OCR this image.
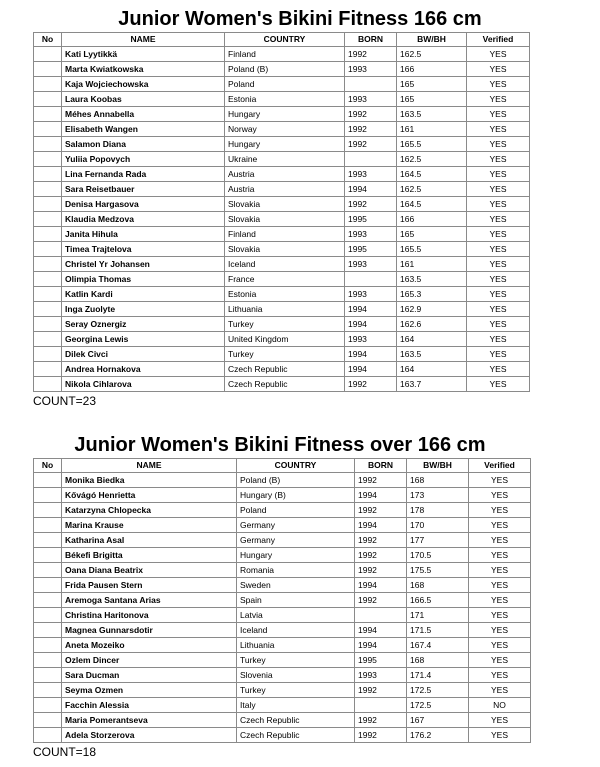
Junior Women's Bikini Fitness 166 cm
No	NAME	COUNTRY	BORN	BW/BH	Verified
	Kati Lyytikkä	Finland	1992	162.5	YES
	Marta Kwiatkowska	Poland (B)	1993	166	YES
	Kaja Wojciechowska	Poland		165	YES
	Laura Koobas	Estonia	1993	165	YES
	Méhes Annabella	Hungary	1992	163.5	YES
	Elisabeth Wangen	Norway	1992	161	YES
	Salamon Diana	Hungary	1992	165.5	YES
	Yuliia Popovych	Ukraine		162.5	YES
	Lina Fernanda Rada	Austria	1993	164.5	YES
	Sara Reisetbauer	Austria	1994	162.5	YES
	Denisa Hargasova	Slovakia	1992	164.5	YES
	Klaudia Medzova	Slovakia	1995	166	YES
	Janita Hihula	Finland	1993	165	YES
	Timea Trajtelova	Slovakia	1995	165.5	YES
	Christel Yr Johansen	Iceland	1993	161	YES
	Olimpia Thomas	France		163.5	YES
	Katlin Kardi	Estonia	1993	165.3	YES
	Inga Zuolyte	Lithuania	1994	162.9	YES
	Seray Oznergiz	Turkey	1994	162.6	YES
	Georgina Lewis	United Kingdom	1993	164	YES
	Dilek Civci	Turkey	1994	163.5	YES
	Andrea Hornakova	Czech Republic	1994	164	YES
	Nikola Cihlarova	Czech Republic	1992	163.7	YES
COUNT=23
Junior Women's Bikini Fitness over 166 cm
No	NAME	COUNTRY	BORN	BW/BH	Verified
	Monika Biedka	Poland (B)	1992	168	YES
	Kővágó Henrietta	Hungary (B)	1994	173	YES
	Katarzyna Chlopecka	Poland	1992	178	YES
	Marina Krause	Germany	1994	170	YES
	Katharina Asal	Germany	1992	177	YES
	Békefi Brigitta	Hungary	1992	170.5	YES
	Oana Diana Beatrix	Romania	1992	175.5	YES
	Frida Pausen Stern	Sweden	1994	168	YES
	Aremoga Santana Arias	Spain	1992	166.5	YES
	Christina Haritonova	Latvia		171	YES
	Magnea Gunnarsdotir	Iceland	1994	171.5	YES
	Aneta Mozeiko	Lithuania	1994	167.4	YES
	Ozlem Dincer	Turkey	1995	168	YES
	Sara Ducman	Slovenia	1993	171.4	YES
	Seyma Ozmen	Turkey	1992	172.5	YES
	Facchin Alessia	Italy		172.5	NO
	Maria Pomerantseva	Czech Republic	1992	167	YES
	Adela Storzerova	Czech Republic	1992	176.2	YES
COUNT=18
